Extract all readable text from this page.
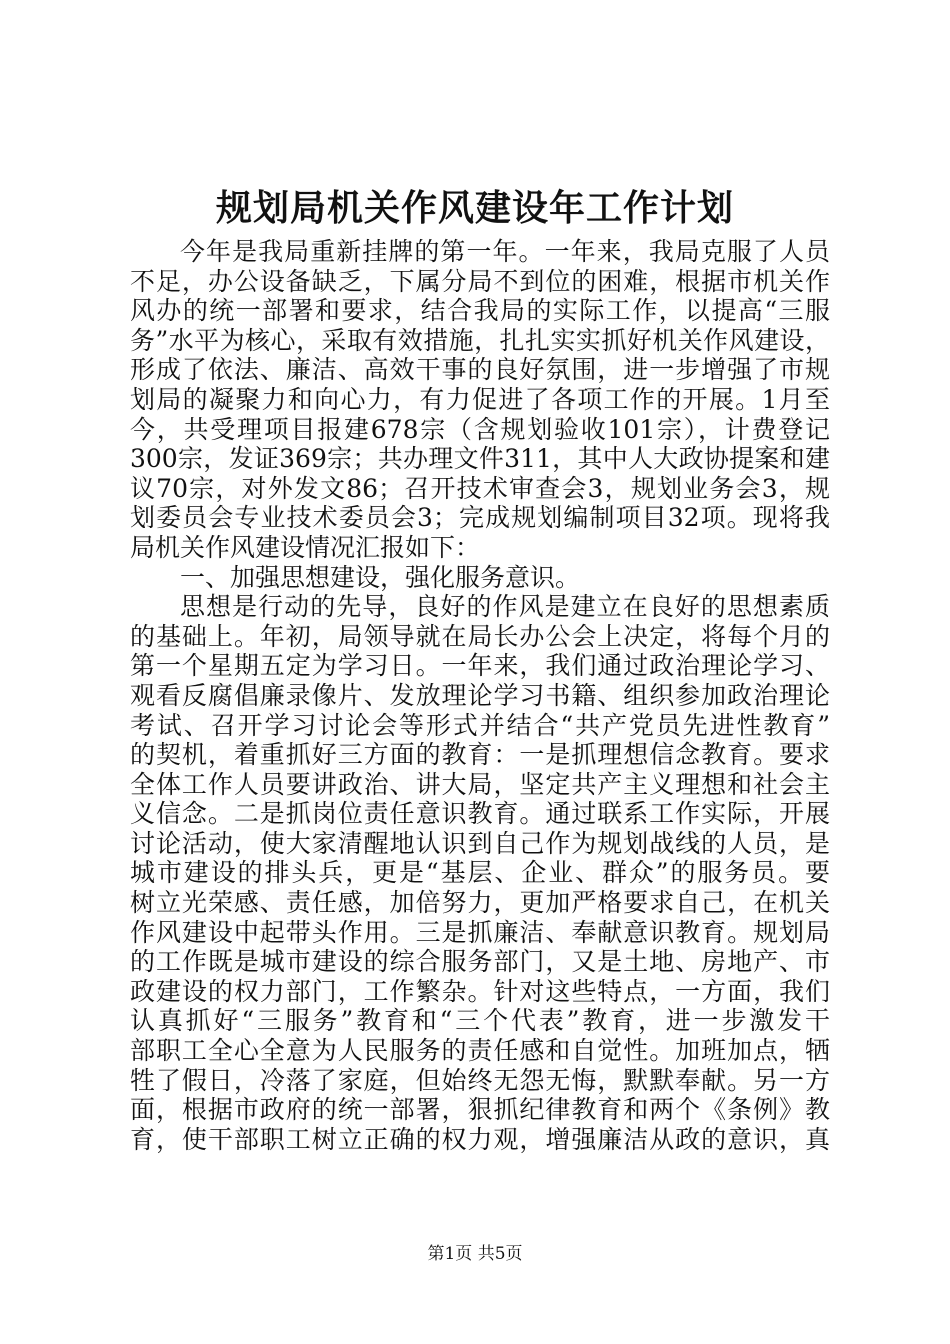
规划局机关作风建设年工作计划
今年是我局重新挂牌的第一年。一年来，我局克服了人员
不足，办公设备缺乏，下属分局不到位的困难，根据市机关作
风办的统一部署和要求，结合我局的实际工作，以提高“三服
务”水平为核心，采取有效措施，扎扎实实抓好机关作风建设，
形成了依法、廉洁、高效干事的良好氛围，进一步增强了市规
划局的凝聚力和向心力，有力促进了各项工作的开展。1月至
今，共受理项目报建678宗（含规划验收101宗），计费登记
300宗，发证369宗；共办理文件311，其中人大政协提案和建
议70宗，对外发文86；召开技术审查会3，规划业务会3，规
划委员会专业技术委员会3；完成规划编制项目32项。现将我
局机关作风建设情况汇报如下：
一、加强思想建设，强化服务意识。
思想是行动的先导，良好的作风是建立在良好的思想素质
的基础上。年初，局领导就在局长办公会上决定，将每个月的
第一个星期五定为学习日。一年来，我们通过政治理论学习、
观看反腐倡廉录像片、发放理论学习书籍、组织参加政治理论
考试、召开学习讨论会等形式并结合“共产党员先进性教育”
的契机，着重抓好三方面的教育：一是抓理想信念教育。要求
全体工作人员要讲政治、讲大局，坚定共产主义理想和社会主
义信念。二是抓岗位责任意识教育。通过联系工作实际，开展
讨论活动，使大家清醒地认识到自己作为规划战线的人员，是
城市建设的排头兵，更是“基层、企业、群众”的服务员。要
树立光荣感、责任感，加倍努力，更加严格要求自己，在机关
作风建设中起带头作用。三是抓廉洁、奉献意识教育。规划局
的工作既是城市建设的综合服务部门，又是土地、房地产、市
政建设的权力部门，工作繁杂。针对这些特点，一方面，我们
认真抓好“三服务”教育和“三个代表”教育，进一步激发干
部职工全心全意为人民服务的责任感和自觉性。加班加点，牺
牲了假日，冷落了家庭，但始终无怨无悔，默默奉献。另一方
面，根据市政府的统一部署，狠抓纪律教育和两个《条例》教
育，使干部职工树立正确的权力观，增强廉洁从政的意识，真
第1页 共5页
